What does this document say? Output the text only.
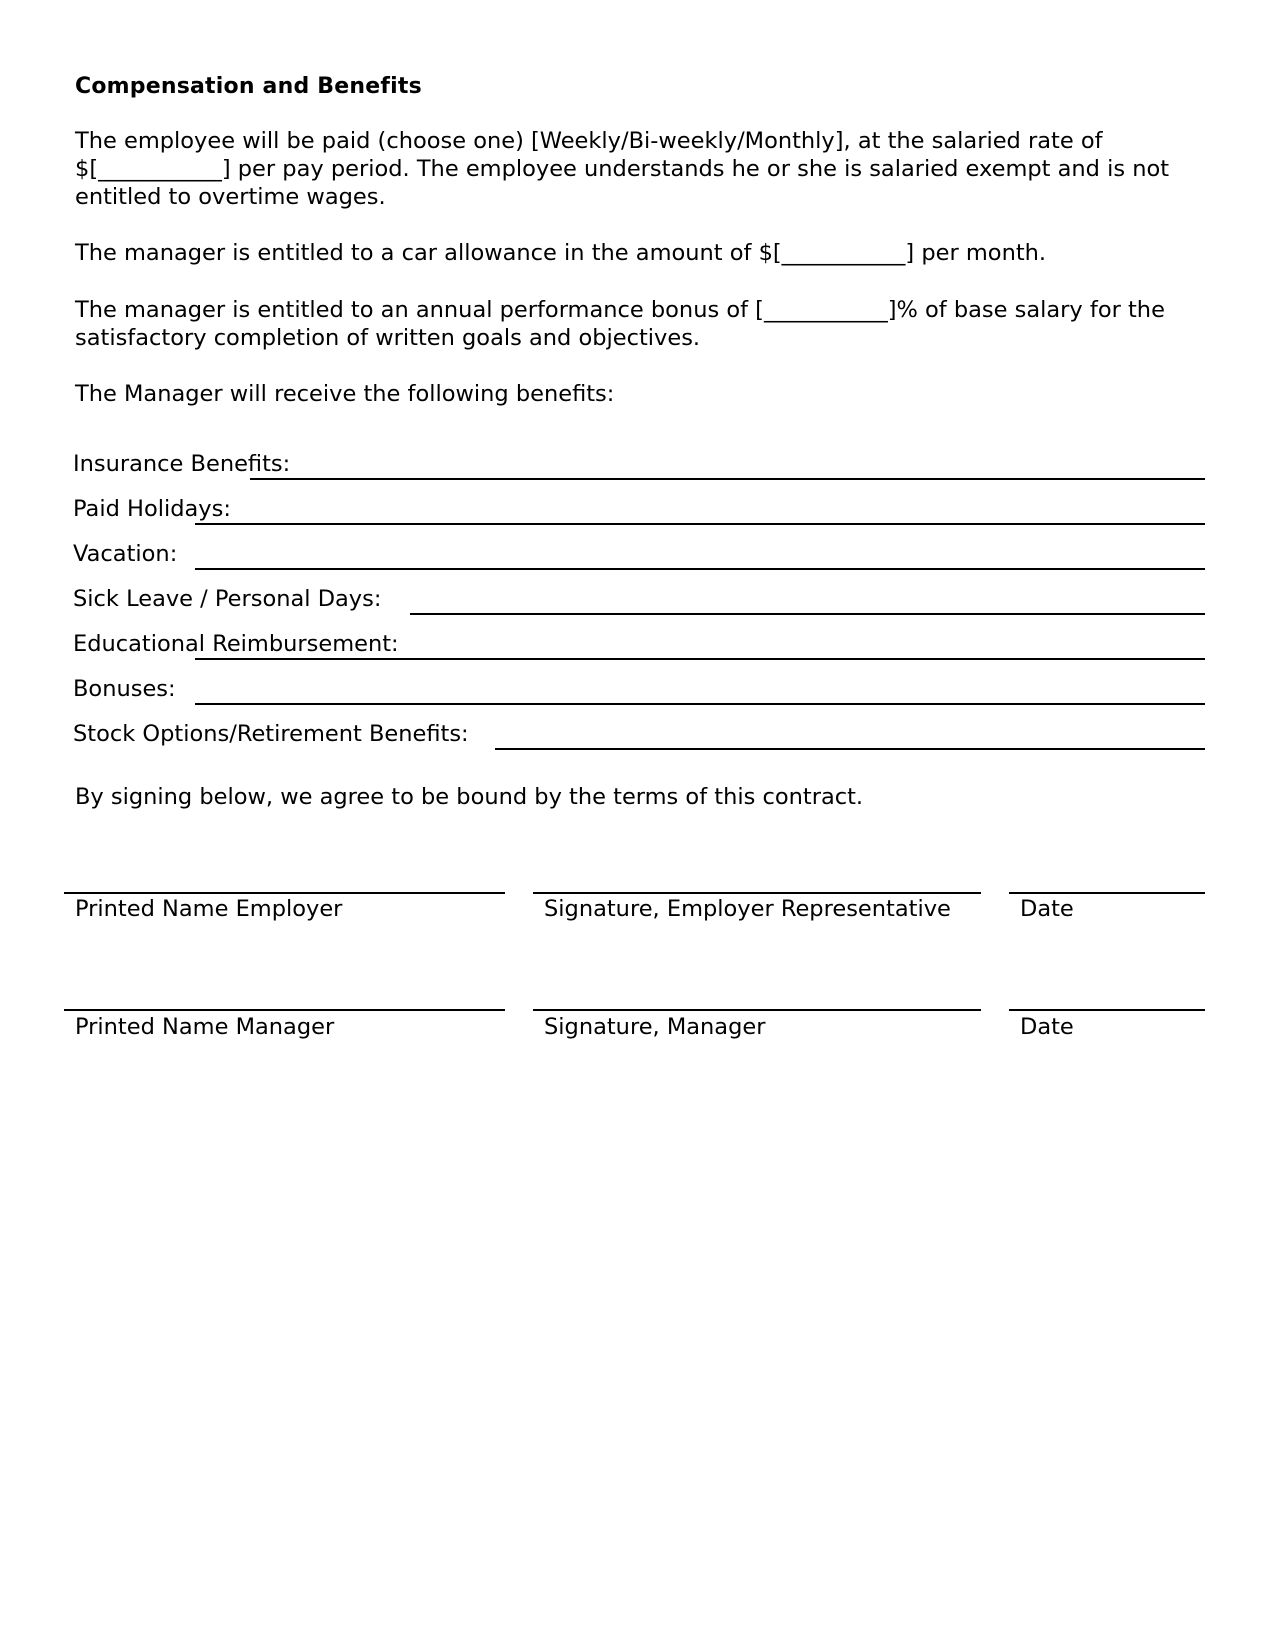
Compensation and Benefits
The employee will be paid (choose one) [Weekly/Bi-weekly/Monthly], at the salaried rate of $[___________] per pay period. The employee understands he or she is salaried exempt and is not entitled to overtime wages.
The manager is entitled to a car allowance in the amount of $[___________] per month.
The manager is entitled to an annual performance bonus of [___________]% of base salary for the satisfactory completion of written goals and objectives.
The Manager will receive the following benefits:
Insurance Benefits:
Paid Holidays:
Vacation:
Sick Leave / Personal Days:
Educational Reimbursement:
Bonuses:
Stock Options/Retirement Benefits:
By signing below, we agree to be bound by the terms of this contract.
Printed Name Employer	Signature, Employer Representative	Date
Printed Name Manager	Signature, Manager	Date
